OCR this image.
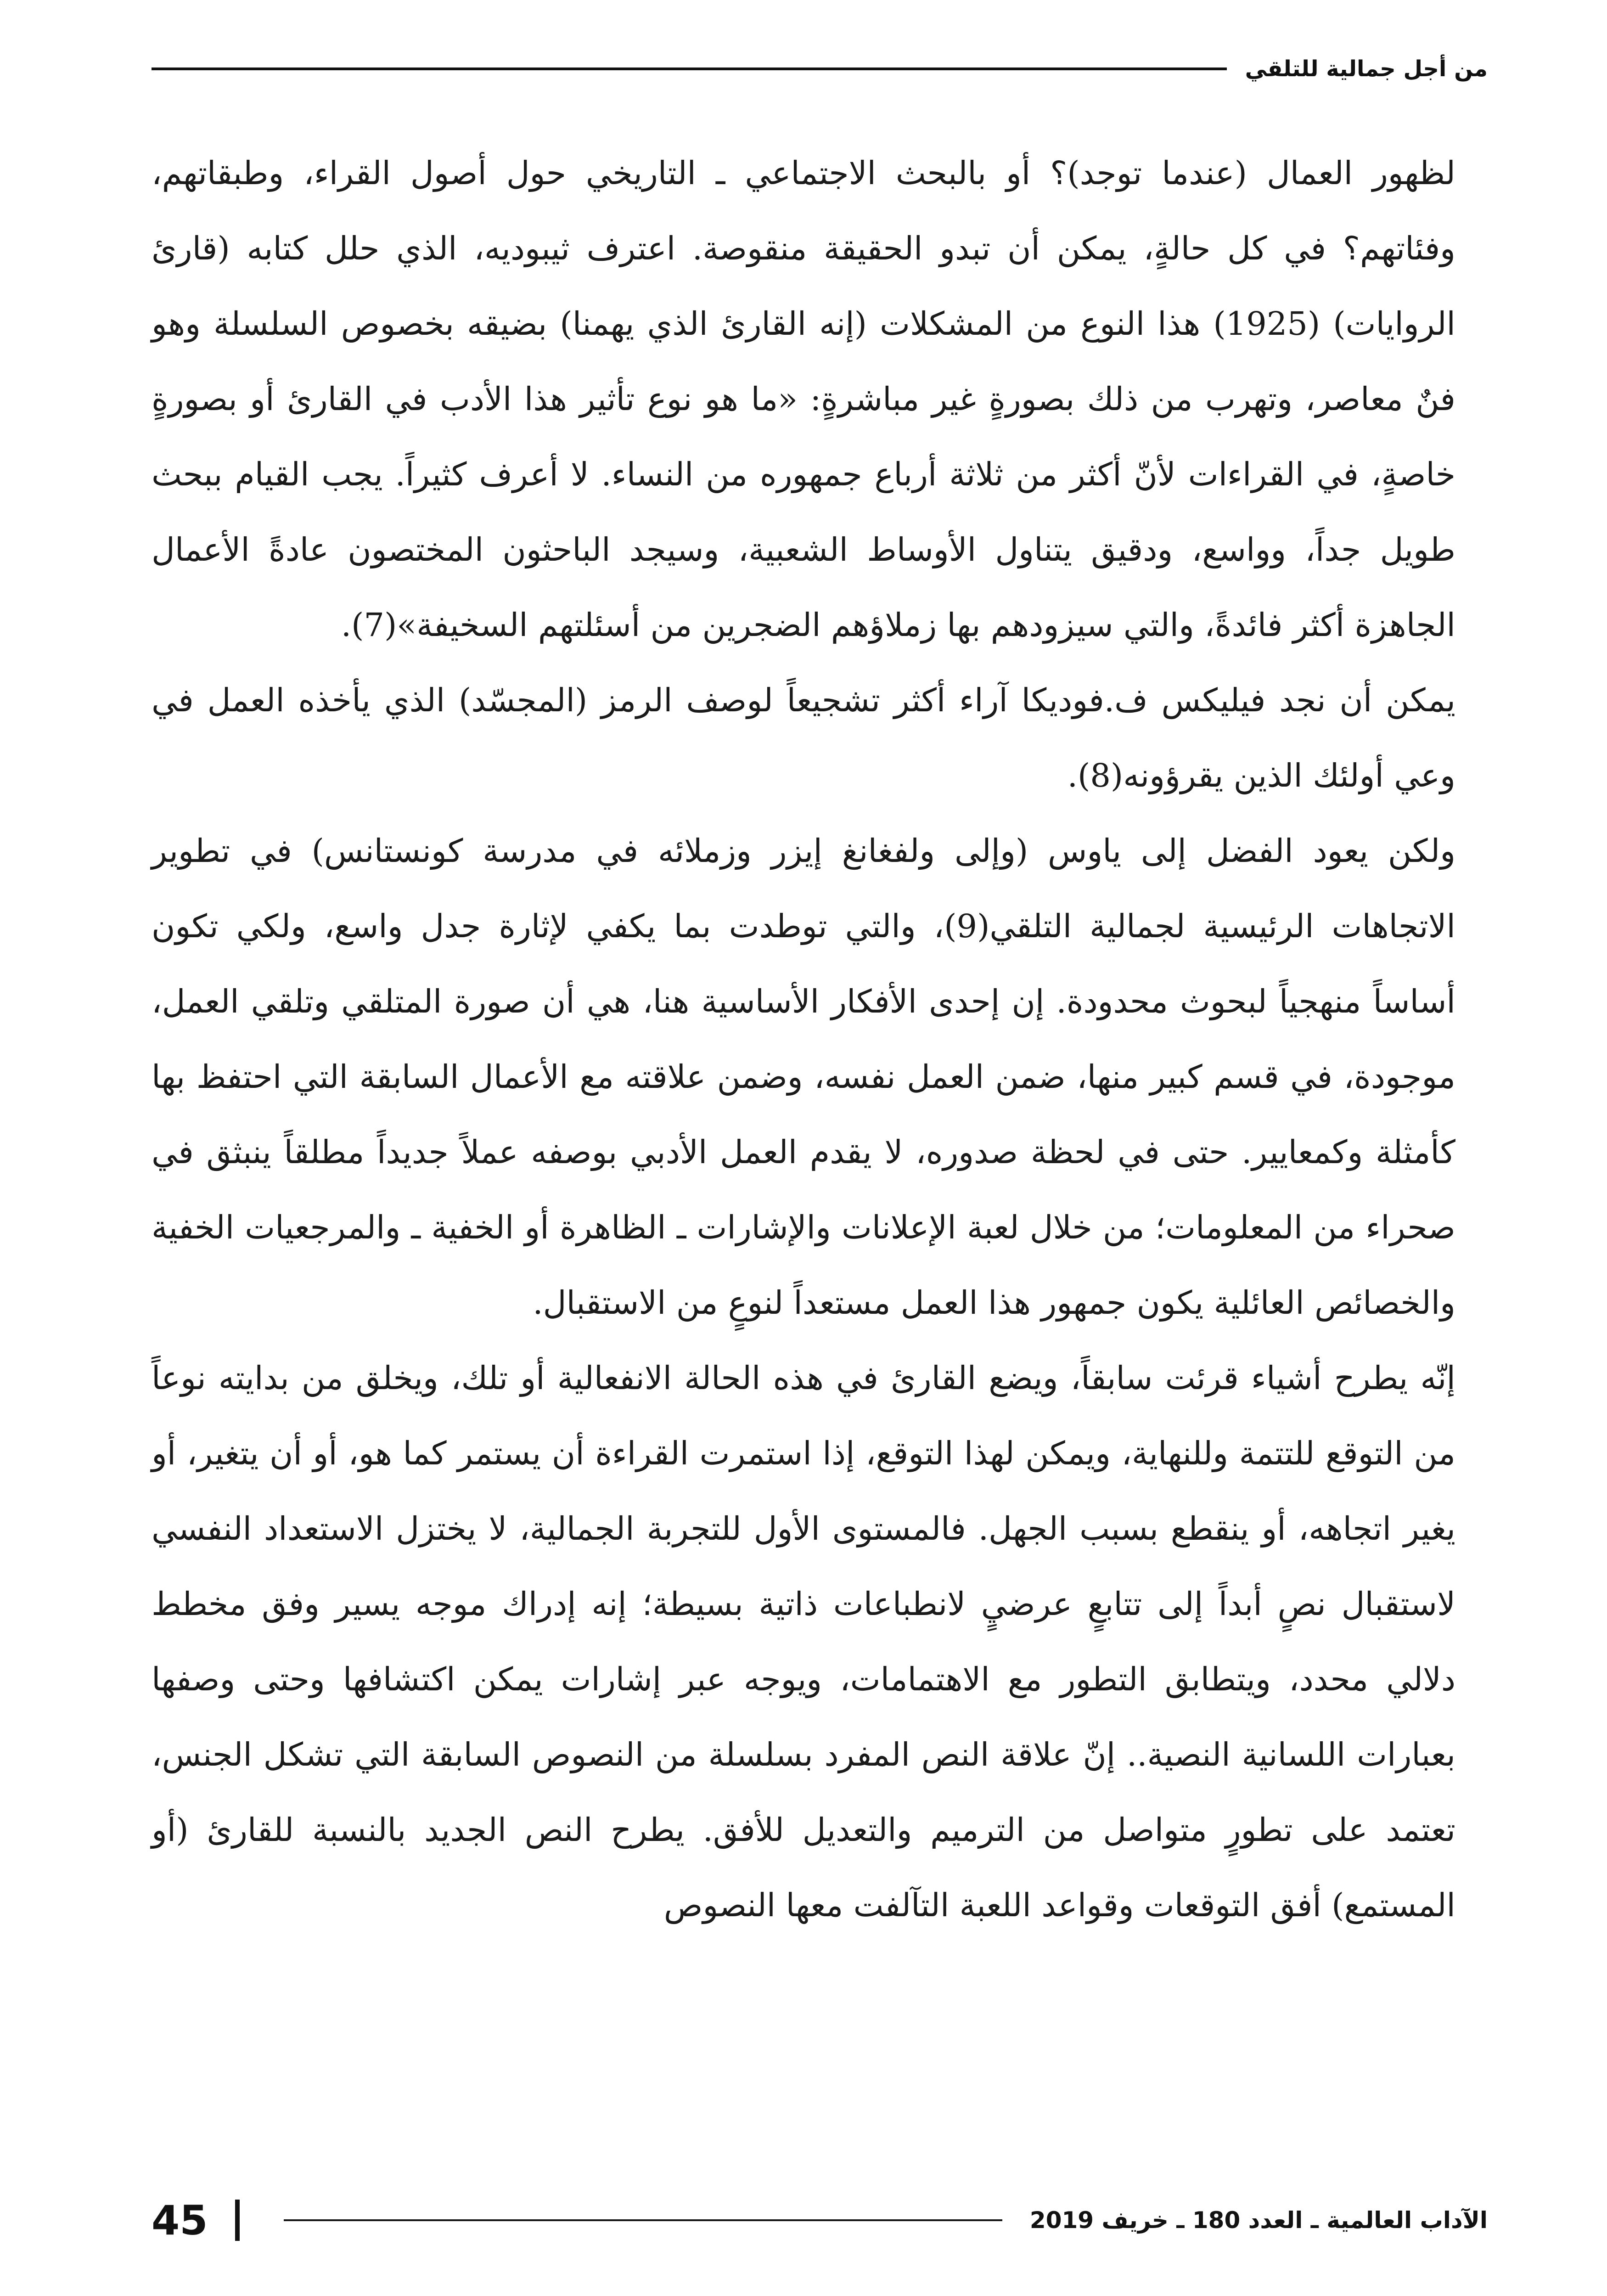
من أجل جمالية للتلقي

لظهور العمال (عندما توجد)؟ أو بالبحث الاجتماعي ـ التاريخي حول أصول القراء، وطبقاتهم، وفئاتهم؟ في كل حالةٍ، يمكن أن تبدو الحقيقة منقوصة. اعترف ثيبوديه، الذي حلل كتابه (قارئ الروايات) (1925) هذا النوع من المشكلات (إنه القارئ الذي يهمنا) بضيقه بخصوص السلسلة وهو فنٌ معاصر، وتهرب من ذلك بصورةٍ غير مباشرةٍ: «ما هو نوع تأثير هذا الأدب في القارئ أو بصورةٍ خاصةٍ، في القراءات لأنّ أكثر من ثلاثة أرباع جمهوره من النساء. لا أعرف كثيراً. يجب القيام ببحث طويل جداً، وواسع، ودقيق يتناول الأوساط الشعبية، وسيجد الباحثون المختصون عادةً الأعمال الجاهزة أكثر فائدةً، والتي سيزودهم بها زملاؤهم الضجرين من أسئلتهم السخيفة»(7).

يمكن أن نجد فيليكس ف.فوديكا آراء أكثر تشجيعاً لوصف الرمز (المجسّد) الذي يأخذه العمل في وعي أولئك الذين يقرؤونه(8).

ولكن يعود الفضل إلى ياوس (وإلى ولفغانغ إيزر وزملائه في مدرسة كونستانس) في تطوير الاتجاهات الرئيسية لجمالية التلقي(9)، والتي توطدت بما يكفي لإثارة جدل واسع، ولكي تكون أساساً منهجياً لبحوث محدودة. إن إحدى الأفكار الأساسية هنا، هي أن صورة المتلقي وتلقي العمل، موجودة، في قسم كبير منها، ضمن العمل نفسه، وضمن علاقته مع الأعمال السابقة التي احتفظ بها كأمثلة وكمعايير. حتى في لحظة صدوره، لا يقدم العمل الأدبي بوصفه عملاً جديداً مطلقاً ينبثق في صحراء من المعلومات؛ من خلال لعبة الإعلانات والإشارات ـ الظاهرة أو الخفية ـ والمرجعيات الخفية والخصائص العائلية يكون جمهور هذا العمل مستعداً لنوعٍ من الاستقبال.

إنّه يطرح أشياء قرئت سابقاً، ويضع القارئ في هذه الحالة الانفعالية أو تلك، ويخلق من بدايته نوعاً من التوقع للتتمة وللنهاية، ويمكن لهذا التوقع، إذا استمرت القراءة أن يستمر كما هو، أو أن يتغير، أو يغير اتجاهه، أو ينقطع بسبب الجهل. فالمستوى الأول للتجربة الجمالية، لا يختزل الاستعداد النفسي لاستقبال نصٍ أبداً إلى تتابعٍ عرضيٍ لانطباعات ذاتية بسيطة؛ إنه إدراك موجه يسير وفق مخطط دلالي محدد، ويتطابق التطور مع الاهتمامات، ويوجه عبر إشارات يمكن اكتشافها وحتى وصفها بعبارات اللسانية النصية.. إنّ علاقة النص المفرد بسلسلة من النصوص السابقة التي تشكل الجنس، تعتمد على تطورٍ متواصل من الترميم والتعديل للأفق. يطرح النص الجديد بالنسبة للقارئ (أو المستمع) أفق التوقعات وقواعد اللعبة التآلفت معها النصوص

الآداب العالمية ـ العدد 180 ـ خريف 2019
45
